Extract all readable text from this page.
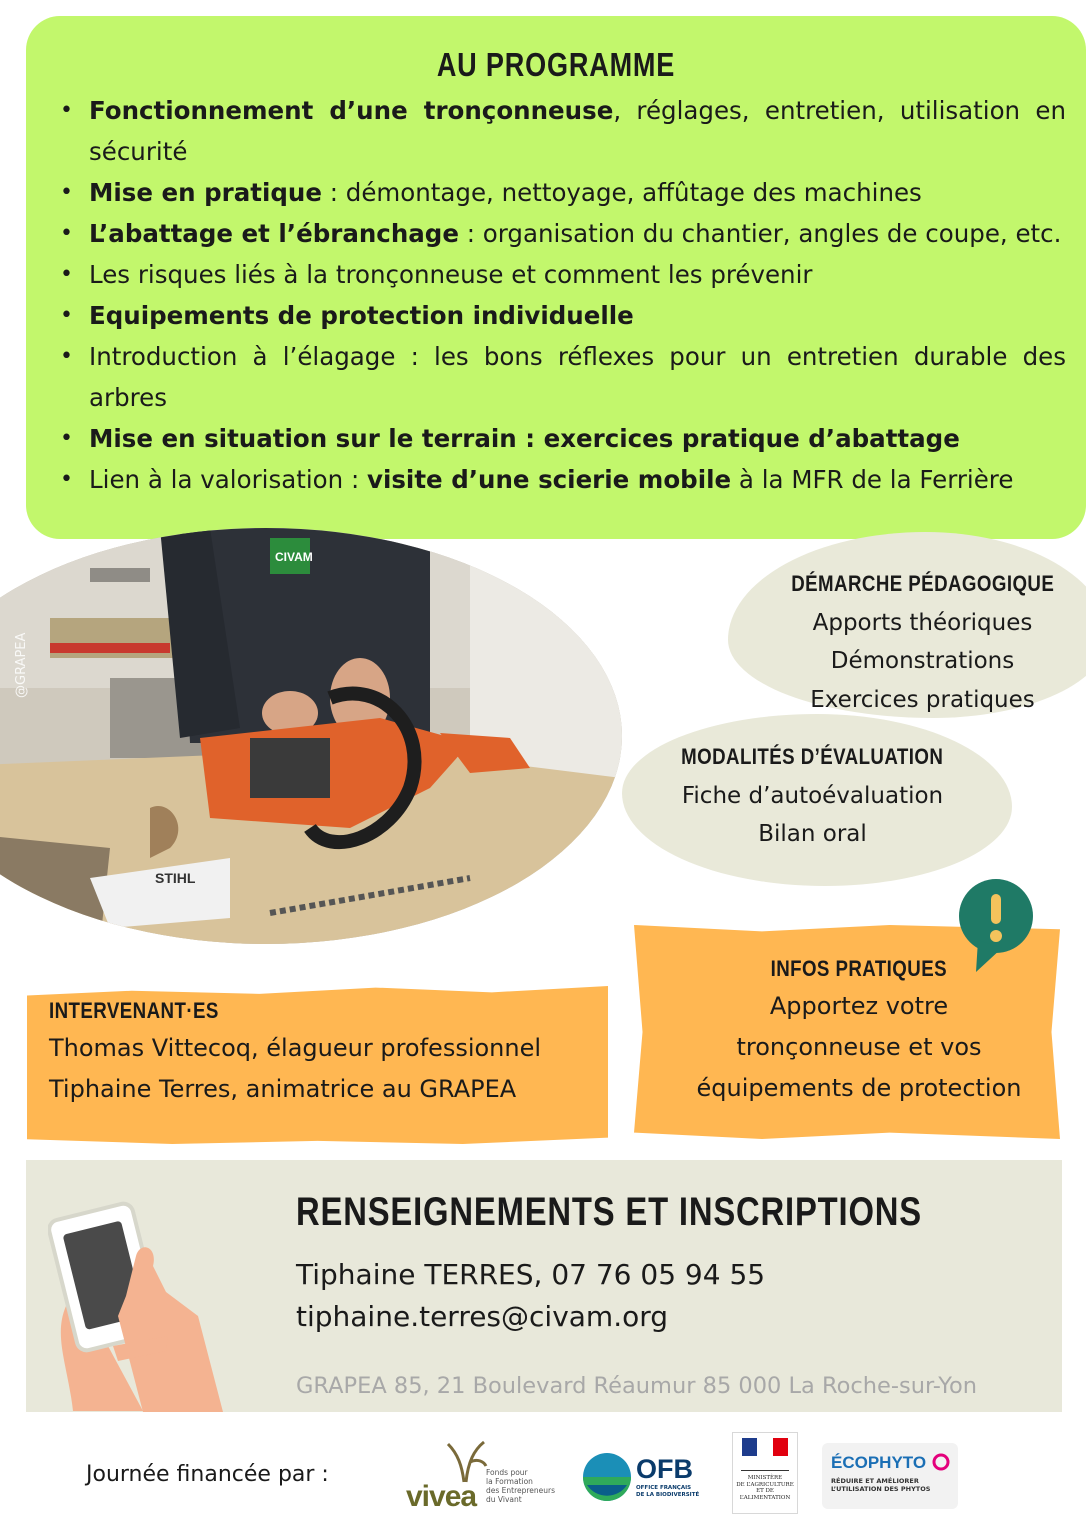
AU PROGRAMME
• Fonctionnement d’une tronçonneuse, réglages, entretien, utilisation en sécurité
• Mise en pratique : démontage, nettoyage, affûtage des machines
• L’abattage et l’ébranchage : organisation du chantier, angles de coupe, etc.
• Les risques liés à la tronçonneuse et comment les prévenir
• Equipements de protection individuelle
• Introduction à l’élagage : les bons réflexes pour un entretien durable des arbres
• Mise en situation sur le terrain : exercices pratique d’abattage
• Lien à la valorisation : visite d’une scierie mobile à la MFR de la Ferrière
CIVAM
STIHL
@GRAPEA
DÉMARCHE PÉDAGOGIQUE
Apports théoriques
Démonstrations
Exercices pratiques
MODALITÉS D’ÉVALUATION
Fiche d’autoévaluation
Bilan oral
INTERVENANT·ES
Thomas Vittecoq, élagueur professionnel
Tiphaine Terres, animatrice au GRAPEA
INFOS PRATIQUES
Apportez votre
tronçonneuse et vos
équipements de protection
RENSEIGNEMENTS ET INSCRIPTIONS
Tiphaine TERRES, 07 76 05 94 55
tiphaine.terres@civam.org
GRAPEA 85, 21 Boulevard Réaumur 85 000 La Roche-sur-Yon
Journée financée par :
vivea
Fonds pour
la Formation
des Entrepreneurs
du Vivant
OFB
OFFICE FRANÇAIS
DE LA BIODIVERSITÉ
MINISTÈRE
DE L’AGRICULTURE
ET DE
L’ALIMENTATION
ÉCOPHYTO
RÉDUIRE ET AMÉLIORER
L’UTILISATION DES PHYTOS
